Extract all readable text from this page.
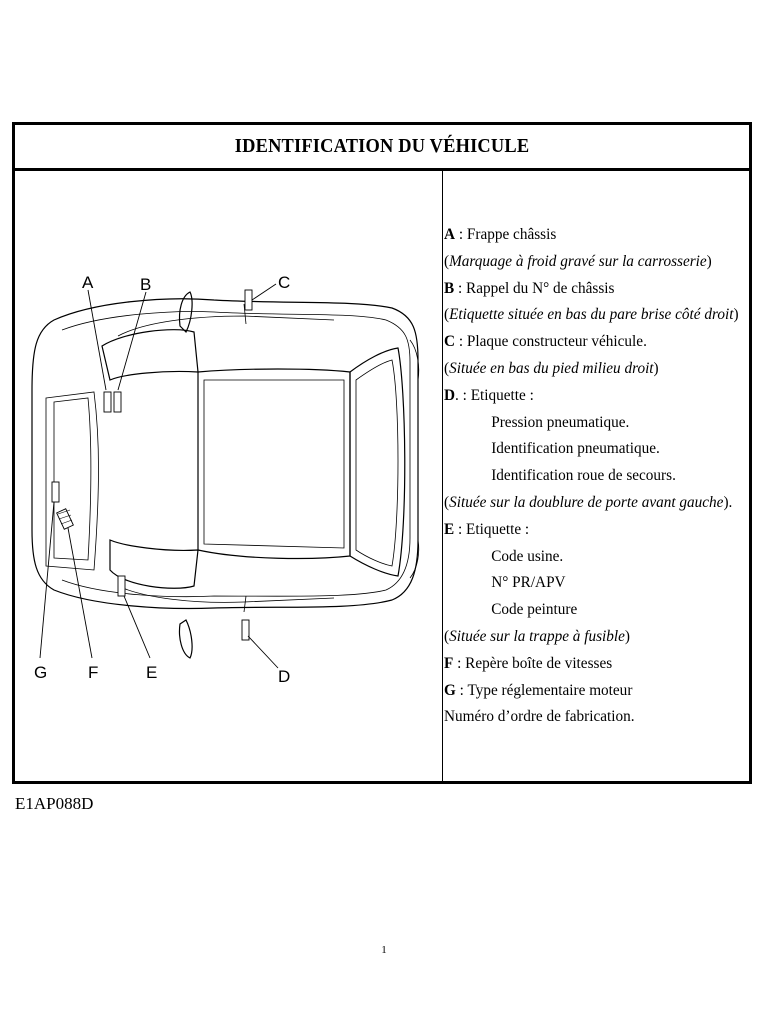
IDENTIFICATION DU VÉHICULE
A	B	C
D
E
F
G
A : Frappe châssis
(Marquage à froid gravé sur la carrosserie)
B : Rappel du N° de châssis
(Etiquette située en bas du pare brise côté droit)
C : Plaque constructeur véhicule.
(Située en bas du pied milieu droit)
D. : Etiquette :
Pression pneumatique.
Identification pneumatique.
Identification roue de secours.
(Située sur la doublure de porte avant gauche).
E : Etiquette :
Code usine.
N° PR/APV
Code peinture
(Située sur la trappe à fusible)
F : Repère boîte de vitesses
G : Type réglementaire moteur
Numéro d’ordre de fabrication.
E1AP088D
1
